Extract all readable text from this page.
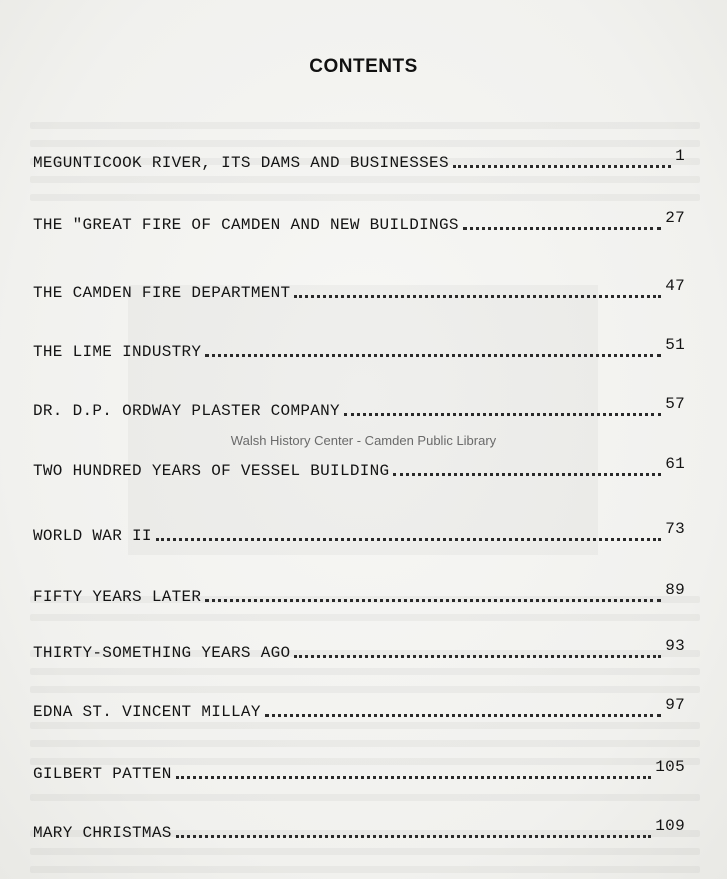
CONTENTS
MEGUNTICOOK RIVER, ITS DAMS AND BUSINESSES	1
THE "GREAT FIRE OF CAMDEN AND NEW BUILDINGS	27
THE CAMDEN FIRE DEPARTMENT	47
THE LIME INDUSTRY	51
DR. D.P. ORDWAY PLASTER COMPANY	57
TWO HUNDRED YEARS OF VESSEL BUILDING	61
WORLD WAR II	73
FIFTY YEARS LATER	89
THIRTY-SOMETHING YEARS AGO	93
EDNA ST. VINCENT MILLAY	97
GILBERT PATTEN	105
MARY CHRISTMAS	109
Walsh History Center - Camden Public Library
